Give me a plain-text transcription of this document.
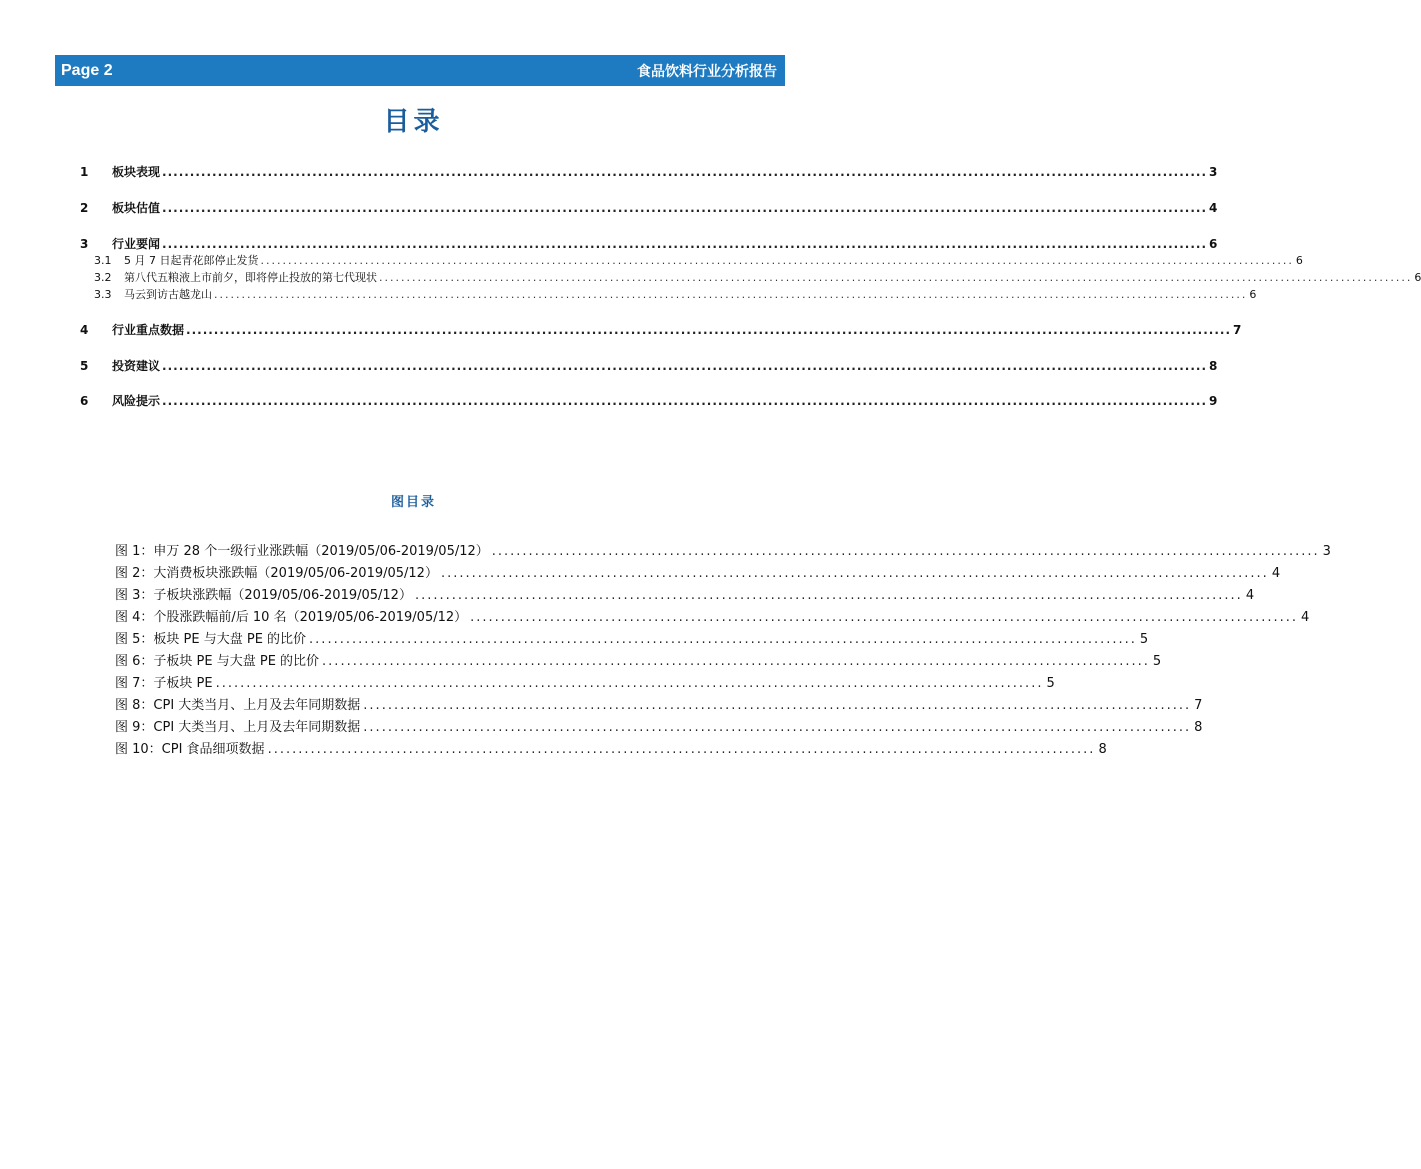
Page 2	食品饮料行业分析报告
目录
1	板块表现 ............................................................................................................................................................................................ 3
2	板块估值 ............................................................................................................................................................................................ 4
3	行业要闻 ............................................................................................................................................................................................ 6
3.1	5 月 7 日起青花郎停止发货 ............................................................................................................................................................................................ 6
3.2	第八代五粮液上市前夕，即将停止投放的第七代现状 ............................................................................................................................................................................................ 6
3.3	马云到访古越龙山 ............................................................................................................................................................................................ 6
4	行业重点数据 ............................................................................................................................................................................................ 7
5	投资建议 ............................................................................................................................................................................................ 8
6	风险提示 ............................................................................................................................................................................................ 9
图目录
图 1：申万 28 个一级行业涨跌幅（2019/05/06-2019/05/12） ....................................................................................................................................... 3
图 2：大消费板块涨跌幅（2019/05/06-2019/05/12） ....................................................................................................................................... 4
图 3：子板块涨跌幅（2019/05/06-2019/05/12） ....................................................................................................................................... 4
图 4：个股涨跌幅前/后 10 名（2019/05/06-2019/05/12） ....................................................................................................................................... 4
图 5：板块 PE 与大盘 PE 的比价 ....................................................................................................................................... 5
图 6：子板块 PE 与大盘 PE 的比价 ....................................................................................................................................... 5
图 7：子板块 PE ....................................................................................................................................... 5
图 8：CPI 大类当月、上月及去年同期数据 ....................................................................................................................................... 7
图 9：CPI 大类当月、上月及去年同期数据 ....................................................................................................................................... 8
图 10：CPI 食品细项数据 ....................................................................................................................................... 8
